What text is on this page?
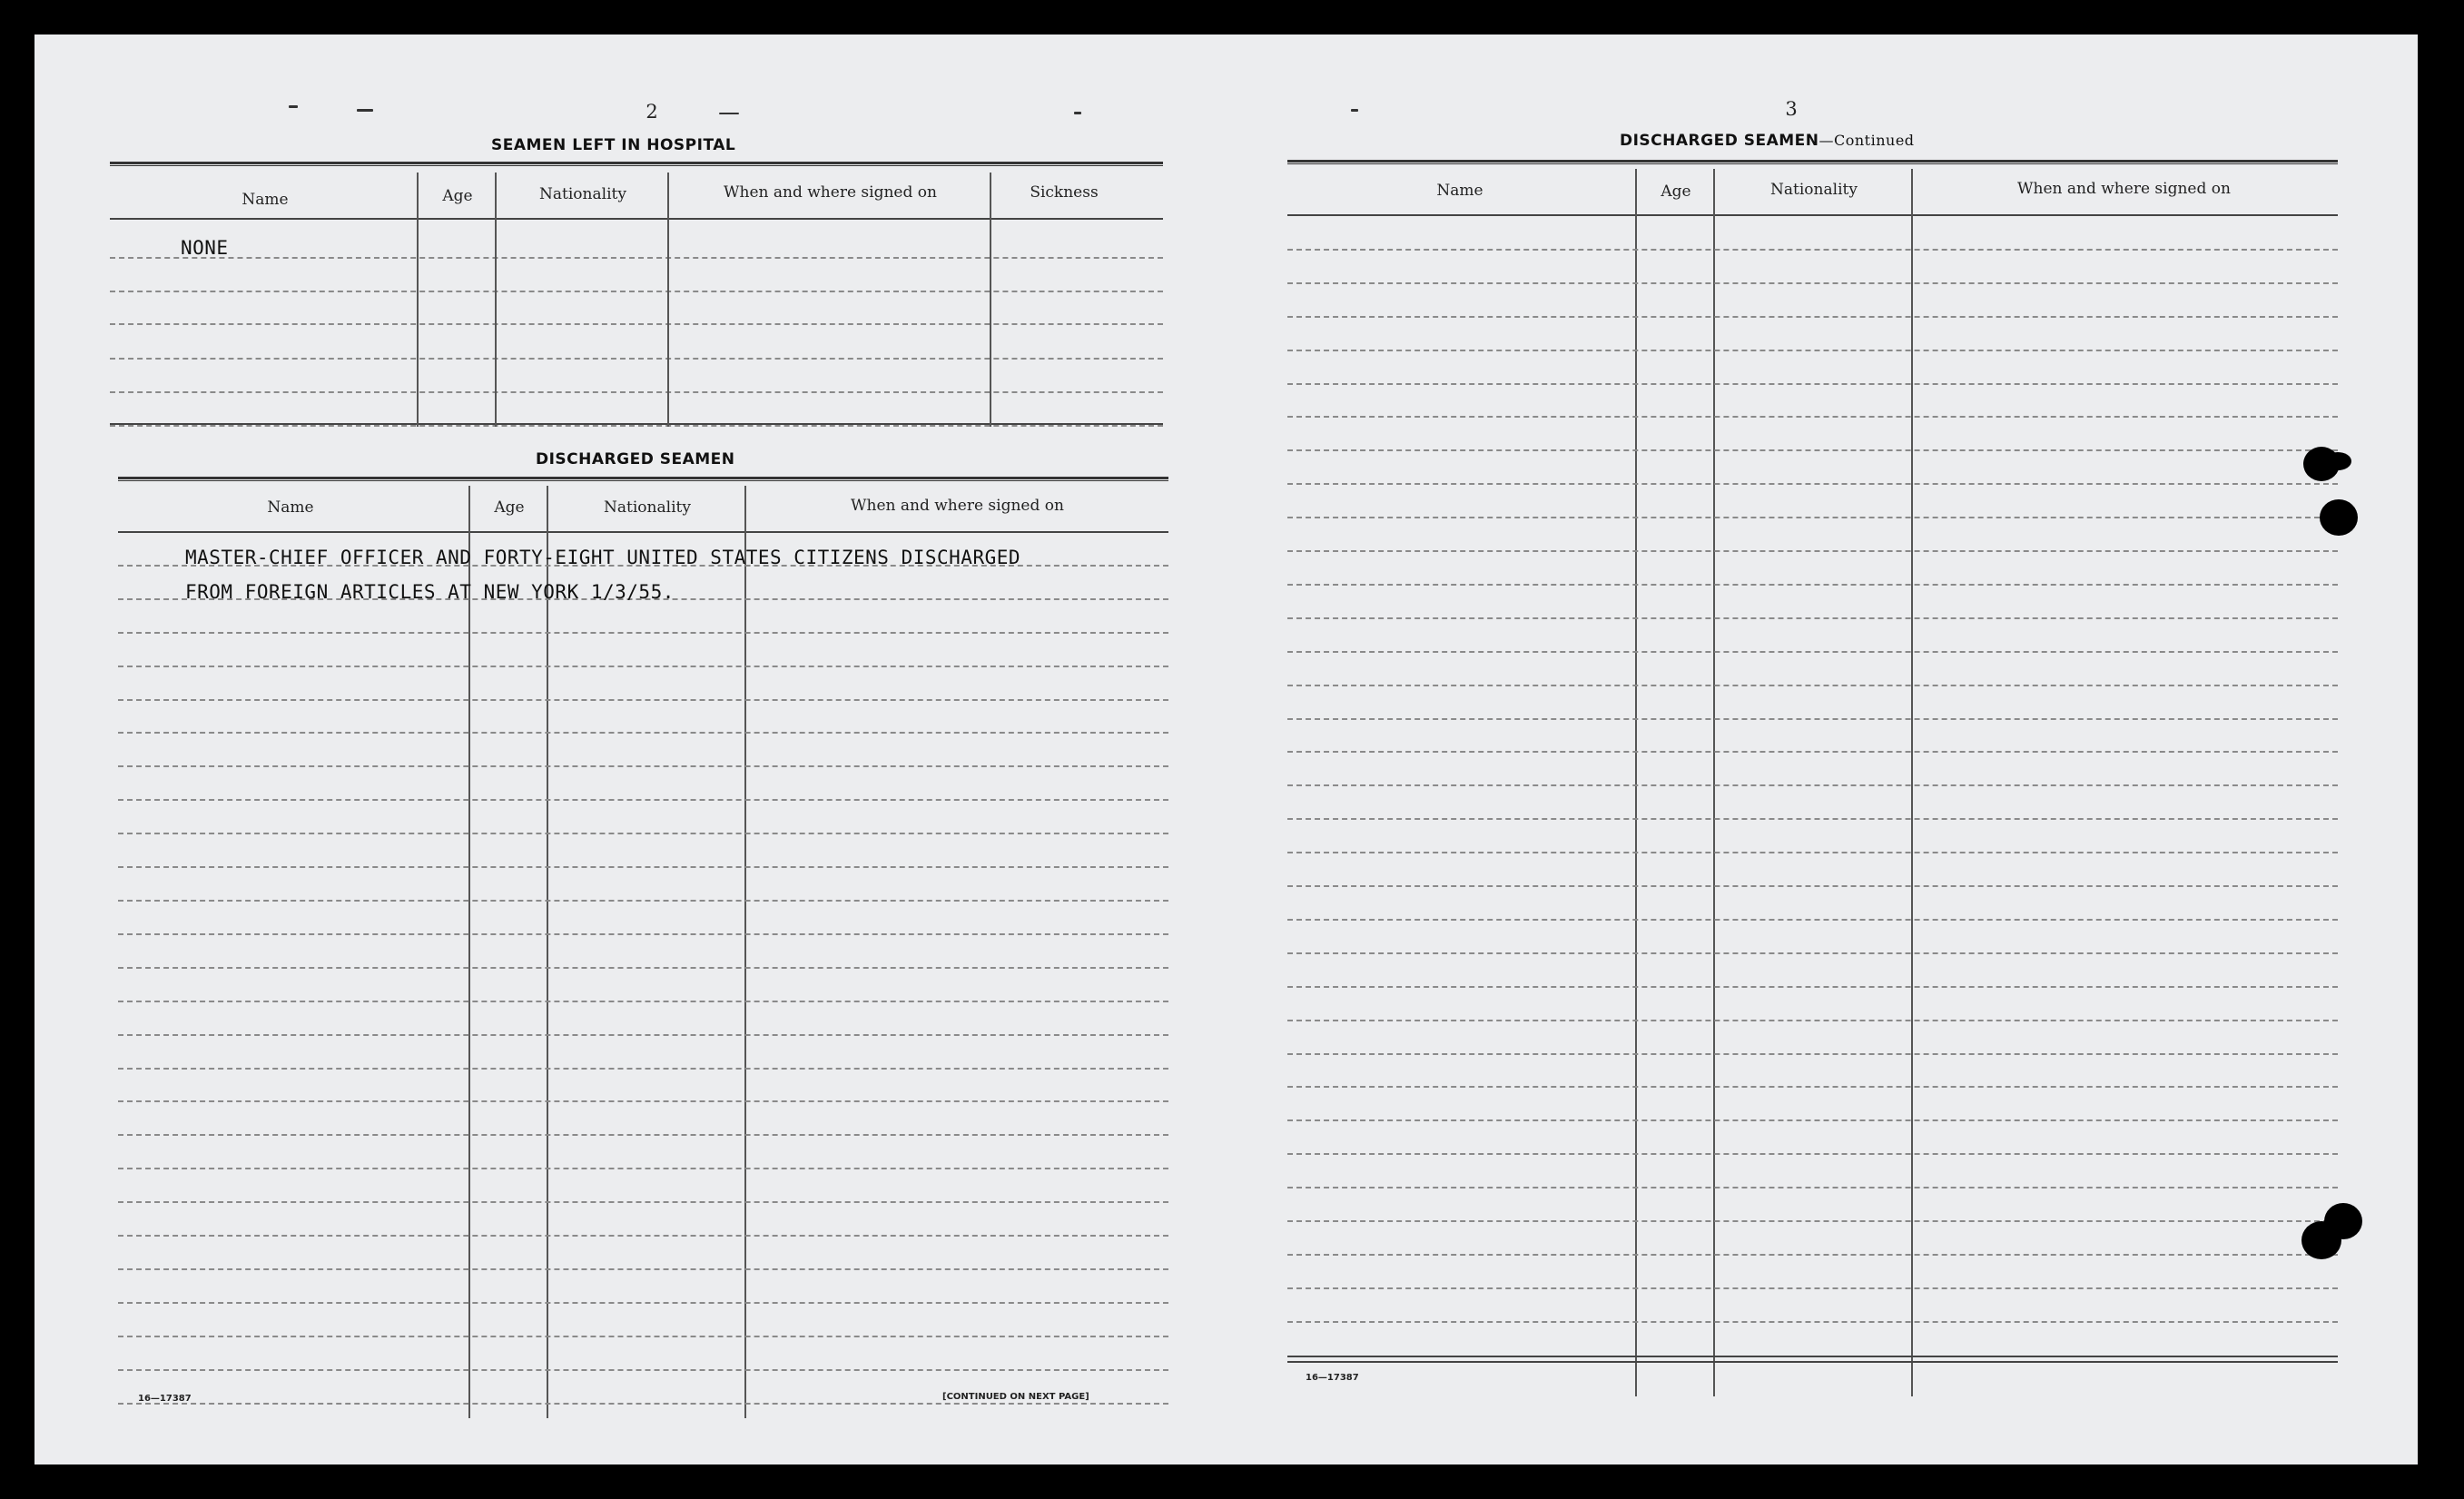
2
SEAMEN LEFT IN HOSPITAL
Name	Age	Nationality	When and where signed on	Sickness
NONE
DISCHARGED SEAMEN
Name	Age	Nationality	When and where signed on
MASTER-CHIEF OFFICER AND FORTY-EIGHT UNITED STATES CITIZENS DISCHARGED
FROM FOREIGN ARTICLES AT NEW YORK 1/3/55.
16—17387	[CONTINUED ON NEXT PAGE]
3
DISCHARGED SEAMEN—Continued
Name	Age	Nationality	When and where signed on
16—17387
